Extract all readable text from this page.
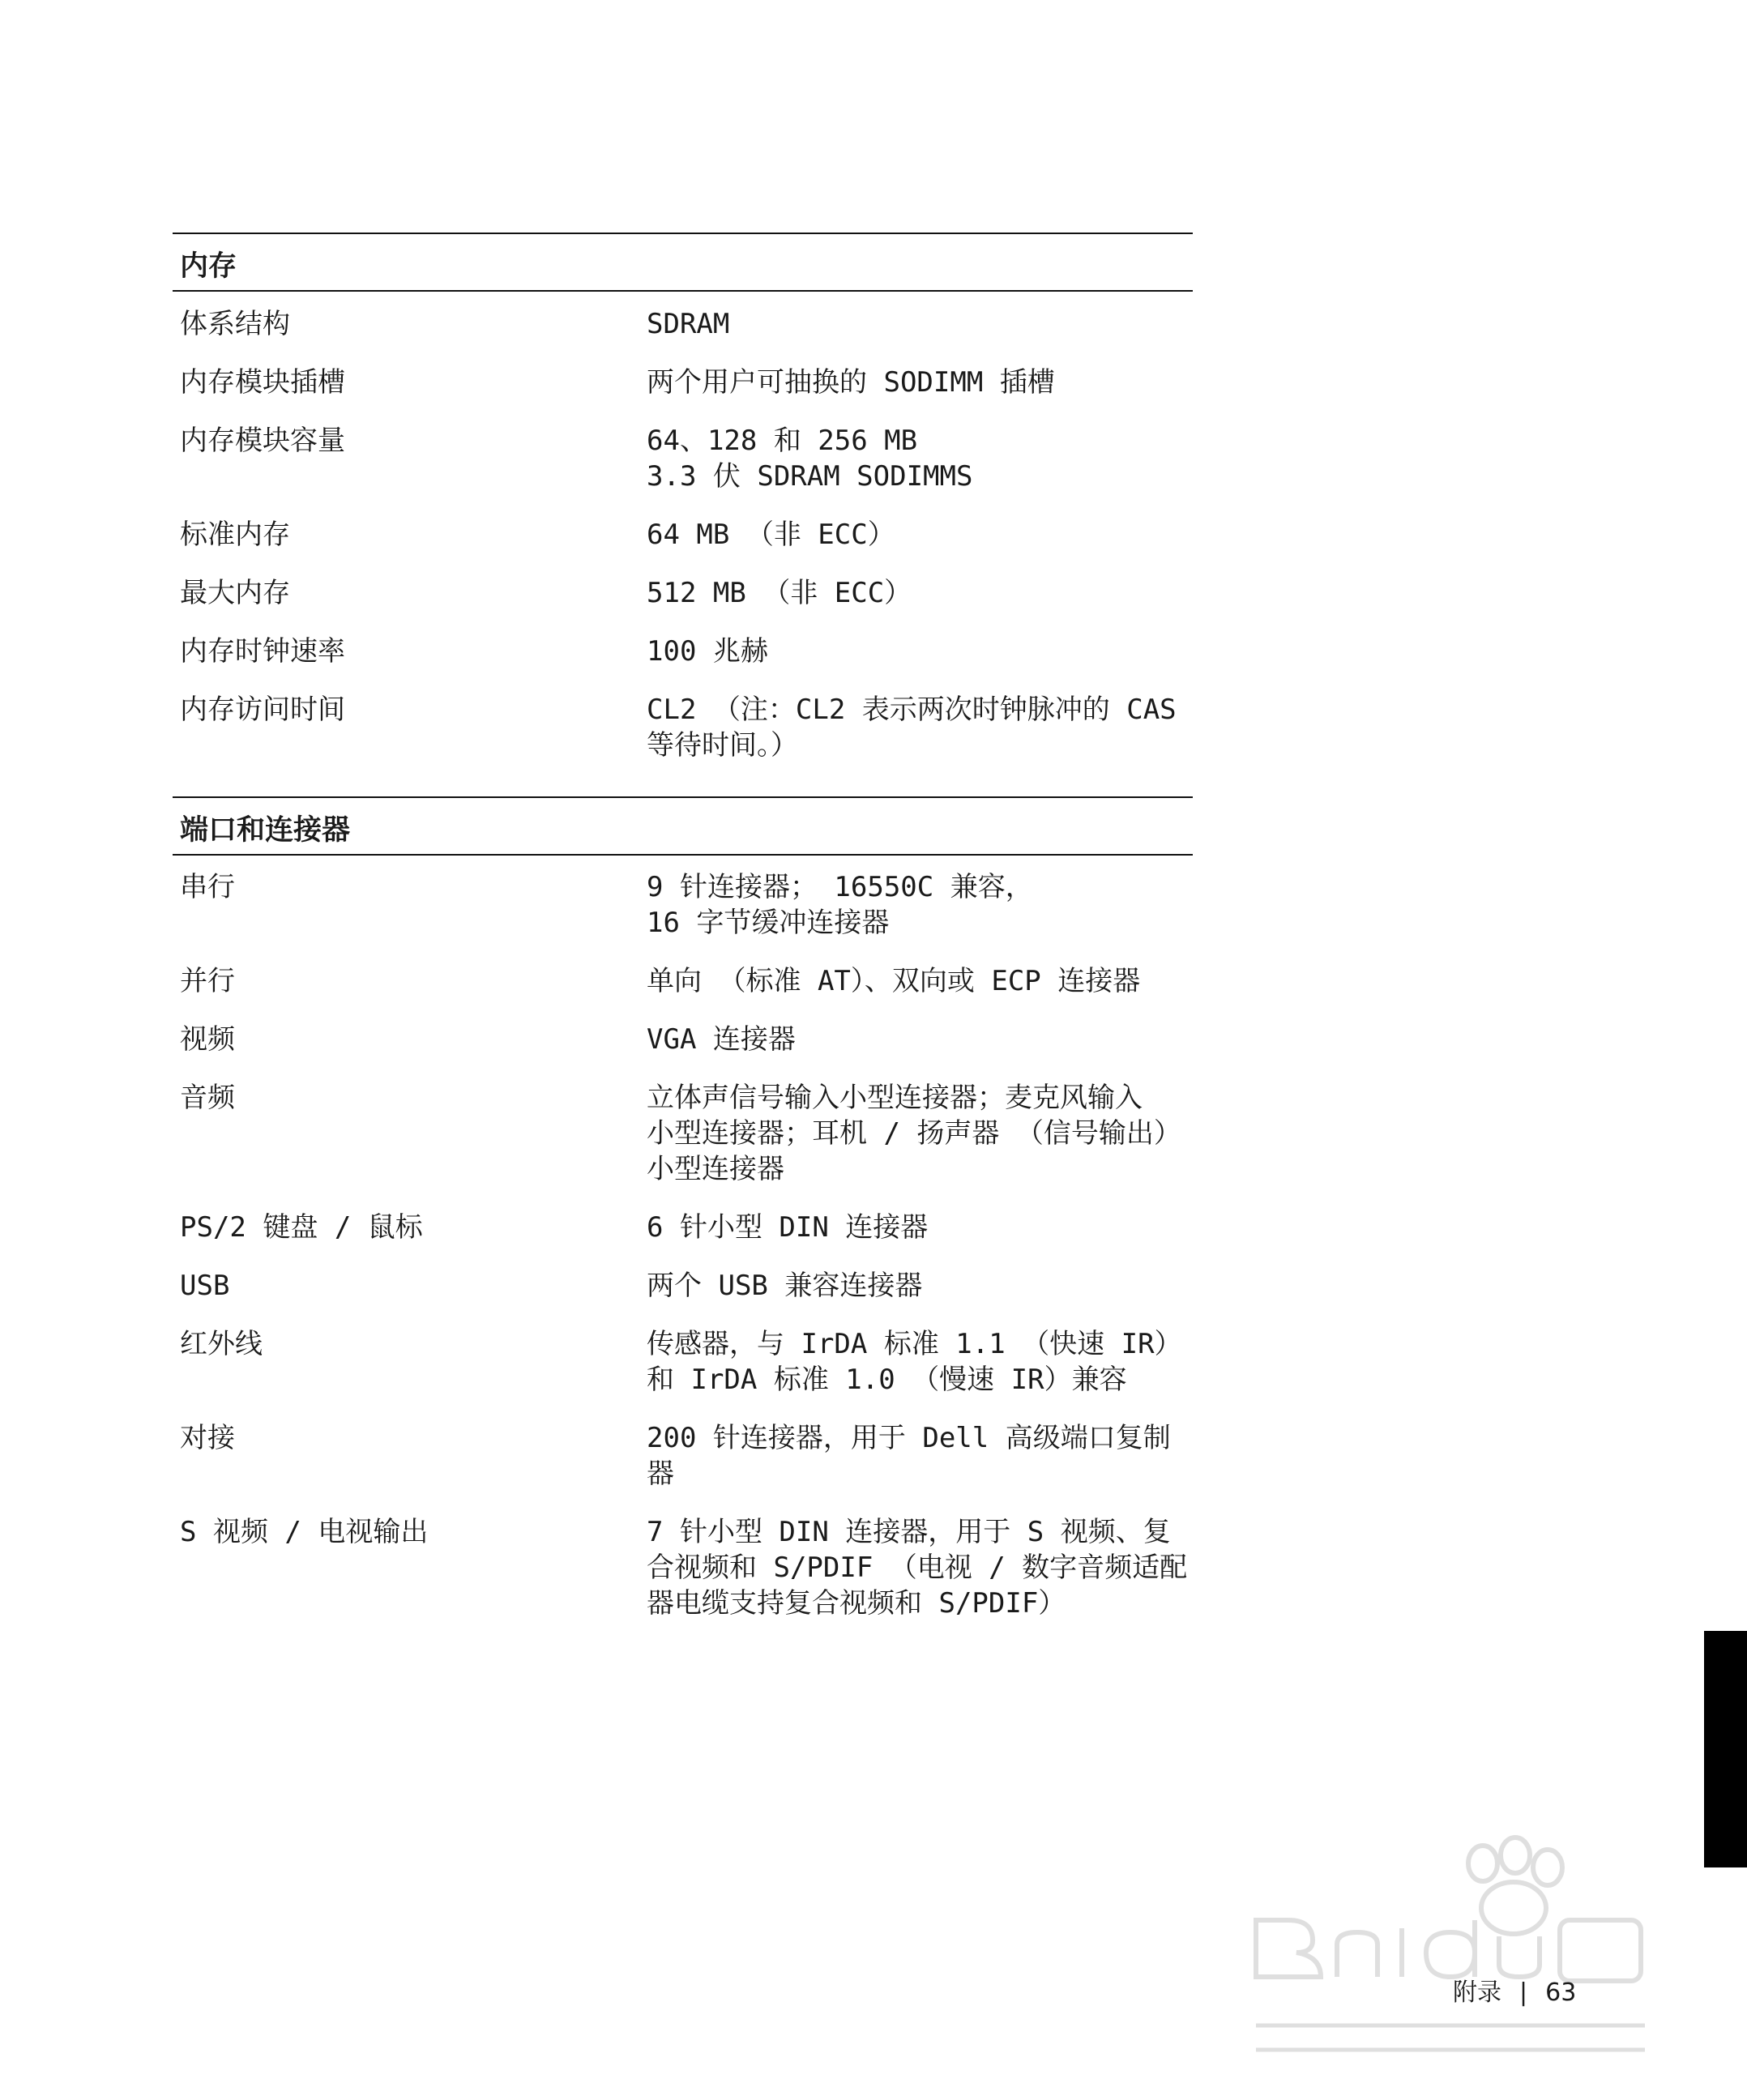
内存
体系结构	SDRAM
内存模块插槽	两个用户可抽换的 SODIMM 插槽
内存模块容量	64、128 和 256 MB
3.3 伏 SDRAM SODIMMS
标准内存	64 MB （非 ECC）
最大内存	512 MB （非 ECC）
内存时钟速率	100 兆赫
内存访问时间	CL2 （注：CL2 表示两次时钟脉冲的 CAS
等待时间。）
端口和连接器
串行	9 针连接器； 16550C 兼容，
16 字节缓冲连接器
并行	单向 （标准 AT）、双向或 ECP 连接器
视频	VGA 连接器
音频	立体声信号输入小型连接器；麦克风输入
小型连接器；耳机 / 扬声器 （信号输出）
小型连接器
PS/2 键盘 / 鼠标	6 针小型 DIN 连接器
USB	两个 USB 兼容连接器
红外线	传感器，与 IrDA 标准 1.1 （快速 IR）
和 IrDA 标准 1.0 （慢速 IR）兼容
对接	200 针连接器，用于 Dell 高级端口复制
器
S 视频 / 电视输出	7 针小型 DIN 连接器，用于 S 视频、复
合视频和 S/PDIF （电视 / 数字音频适配
器电缆支持复合视频和 S/PDIF）
附录 | 63
